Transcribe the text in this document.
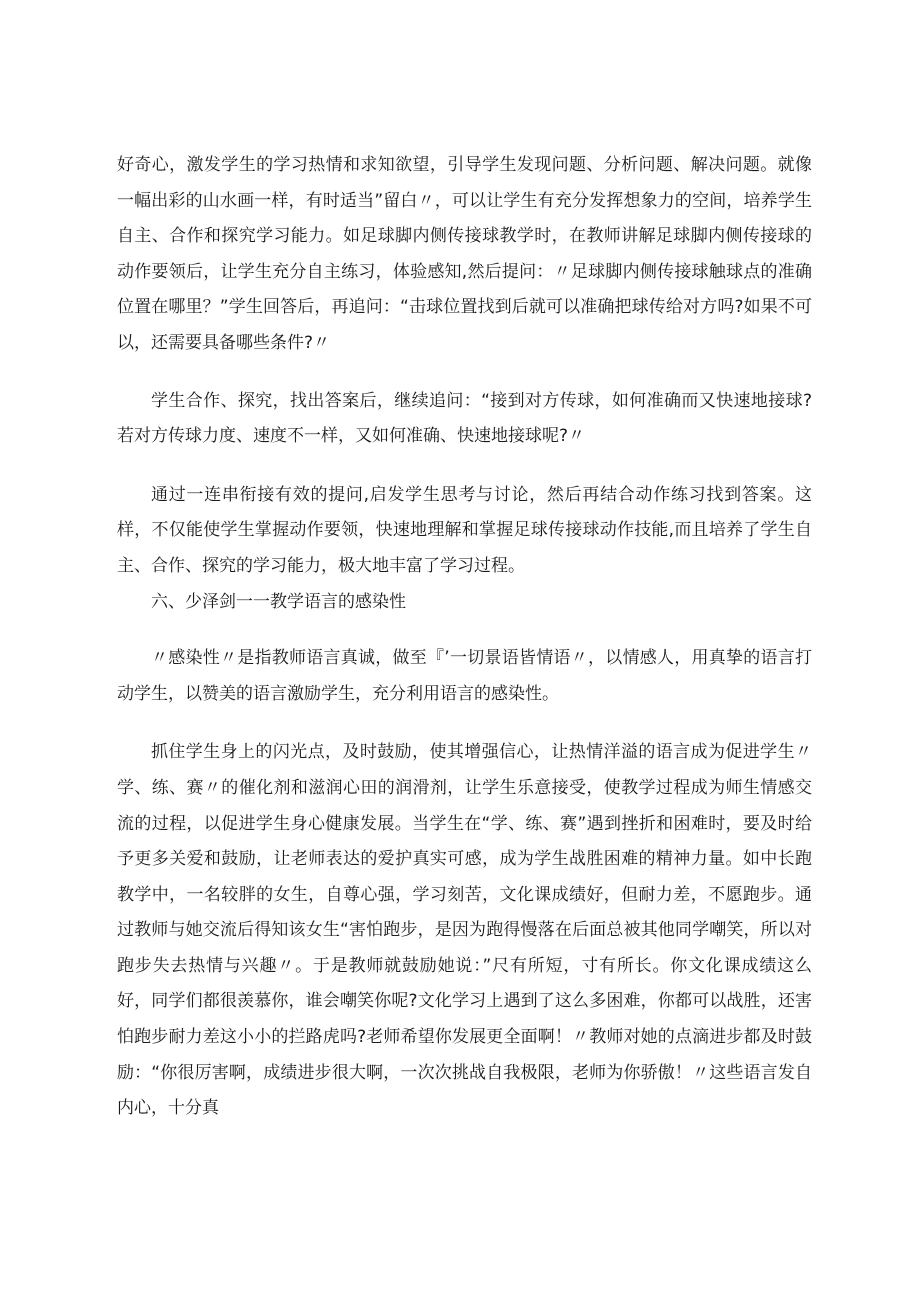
好奇心，激发学生的学习热情和求知欲望，引导学生发现问题、分析问题、解决问题。就像一幅出彩的山水画一样，有时适当”留白〃，可以让学生有充分发挥想象力的空间，培养学生自主、合作和探究学习能力。如足球脚内侧传接球教学时，在教师讲解足球脚内侧传接球的动作要领后，让学生充分自主练习，体验感知,然后提问：〃足球脚内侧传接球触球点的准确位置在哪里？”学生回答后，再追问：“击球位置找到后就可以准确把球传给对方吗?如果不可以，还需要具备哪些条件?〃

学生合作、探究，找出答案后，继续追问：“接到对方传球，如何准确而又快速地接球?若对方传球力度、速度不一样，又如何准确、快速地接球呢?〃

通过一连串衔接有效的提问,启发学生思考与讨论，然后再结合动作练习找到答案。这样，不仅能使学生掌握动作要领，快速地理解和掌握足球传接球动作技能,而且培养了学生自主、合作、探究的学习能力，极大地丰富了学习过程。

六、少泽剑一一教学语言的感染性

〃感染性〃是指教师语言真诚，做至『’一切景语皆情语〃，以情感人，用真挚的语言打动学生，以赞美的语言激励学生，充分利用语言的感染性。

抓住学生身上的闪光点，及时鼓励，使其增强信心，让热情洋溢的语言成为促进学生〃学、练、赛〃的催化剂和滋润心田的润滑剂，让学生乐意接受，使教学过程成为师生情感交流的过程，以促进学生身心健康发展。当学生在“学、练、赛”遇到挫折和困难时，要及时给予更多关爱和鼓励，让老师表达的爱护真实可感，成为学生战胜困难的精神力量。如中长跑教学中，一名较胖的女生，自尊心强，学习刻苦，文化课成绩好，但耐力差，不愿跑步。通过教师与她交流后得知该女生“害怕跑步，是因为跑得慢落在后面总被其他同学嘲笑，所以对跑步失去热情与兴趣〃。于是教师就鼓励她说：”尺有所短，寸有所长。你文化课成绩这么好，同学们都很羡慕你，谁会嘲笑你呢?文化学习上遇到了这么多困难，你都可以战胜，还害怕跑步耐力差这小小的拦路虎吗?老师希望你发展更全面啊！〃教师对她的点滴进步都及时鼓励：“你很厉害啊，成绩进步很大啊，一次次挑战自我极限，老师为你骄傲！〃这些语言发自内心，十分真
